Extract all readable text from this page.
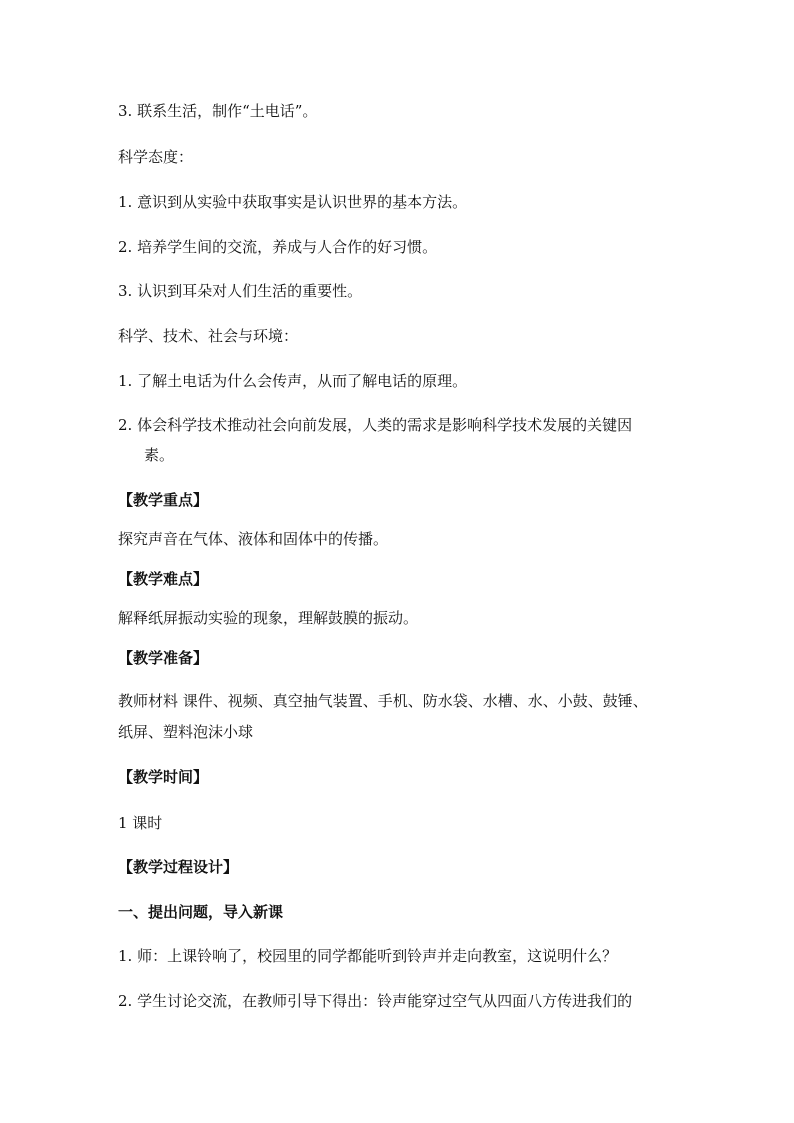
3. 联系生活，制作“土电话”。
科学态度：
1. 意识到从实验中获取事实是认识世界的基本方法。
2. 培养学生间的交流，养成与人合作的好习惯。
3. 认识到耳朵对人们生活的重要性。
科学、技术、社会与环境：
1. 了解土电话为什么会传声，从而了解电话的原理。
2. 体会科学技术推动社会向前发展，人类的需求是影响科学技术发展的关键因
素。
【教学重点】
探究声音在气体、液体和固体中的传播。
【教学难点】
解释纸屏振动实验的现象，理解鼓膜的振动。
【教学准备】
教师材料 课件、视频、真空抽气装置、手机、防水袋、水槽、水、小鼓、鼓锤、
纸屏、塑料泡沫小球
【教学时间】
1 课时
【教学过程设计】
一、提出问题，导入新课
1. 师：上课铃响了，校园里的同学都能听到铃声并走向教室，这说明什么？
2. 学生讨论交流，在教师引导下得出：铃声能穿过空气从四面八方传进我们的
